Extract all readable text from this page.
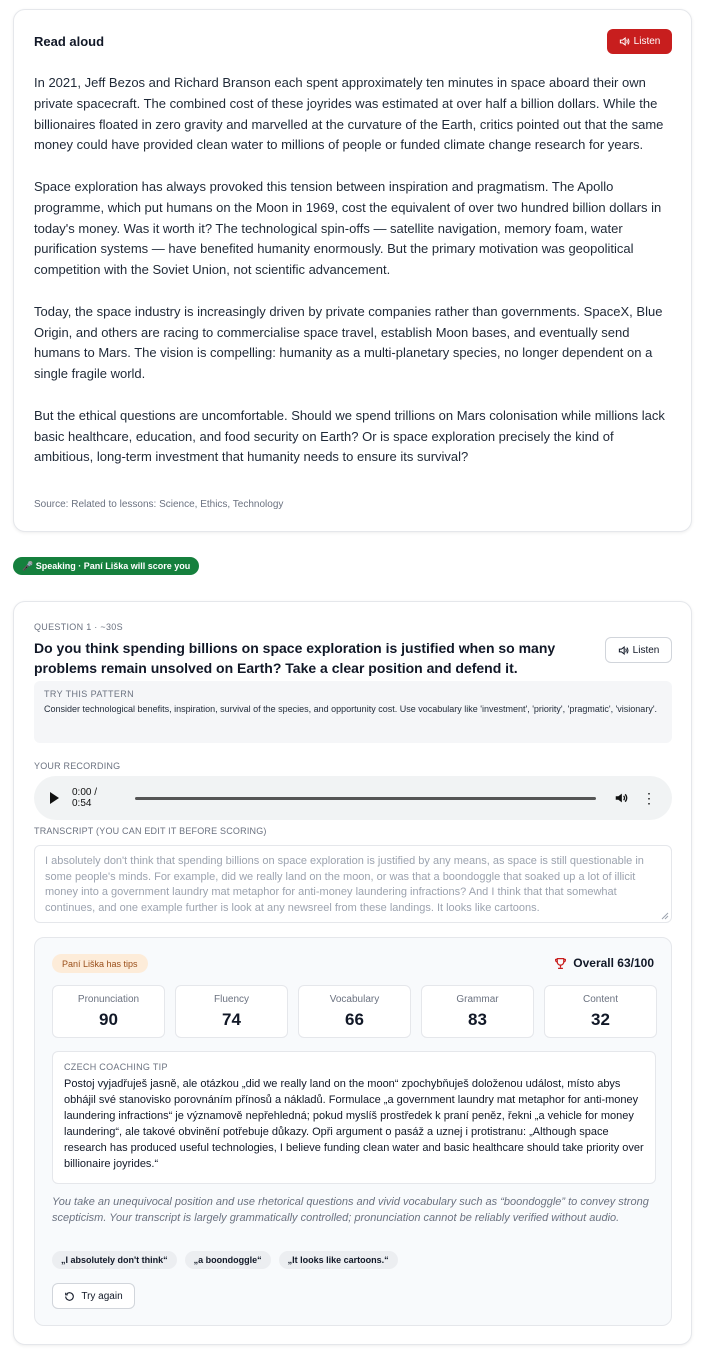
Read aloud	Listen

In 2021, Jeff Bezos and Richard Branson each spent approximately ten minutes in space aboard their own private spacecraft. The combined cost of these joyrides was estimated at over half a billion dollars. While the billionaires floated in zero gravity and marvelled at the curvature of the Earth, critics pointed out that the same money could have provided clean water to millions of people or funded climate change research for years.

Space exploration has always provoked this tension between inspiration and pragmatism. The Apollo programme, which put humans on the Moon in 1969, cost the equivalent of over two hundred billion dollars in today's money. Was it worth it? The technological spin-offs — satellite navigation, memory foam, water purification systems — have benefited humanity enormously. But the primary motivation was geopolitical competition with the Soviet Union, not scientific advancement.

Today, the space industry is increasingly driven by private companies rather than governments. SpaceX, Blue Origin, and others are racing to commercialise space travel, establish Moon bases, and eventually send humans to Mars. The vision is compelling: humanity as a multi-planetary species, no longer dependent on a single fragile world.

But the ethical questions are uncomfortable. Should we spend trillions on Mars colonisation while millions lack basic healthcare, education, and food security on Earth? Or is space exploration precisely the kind of ambitious, long-term investment that humanity needs to ensure its survival?

Source: Related to lessons: Science, Ethics, Technology
🎤 Speaking · Paní Liška will score you
QUESTION 1 · ~30S
Do you think spending billions on space exploration is justified when so many problems remain unsolved on Earth? Take a clear position and defend it.
Listen
TRY THIS PATTERN
Consider technological benefits, inspiration, survival of the species, and opportunity cost. Use vocabulary like 'investment', 'priority', 'pragmatic', 'visionary'.
YOUR RECORDING
0:00 / 0:54	⋮
TRANSCRIPT (YOU CAN EDIT IT BEFORE SCORING)
I absolutely don't think that spending billions on space exploration is justified by any means, as space is still questionable in some people's minds. For example, did we really land on the moon, or was that a boondoggle that soaked up a lot of illicit money into a government laundry mat metaphor for anti-money laundering infractions? And I think that that somewhat continues, and one example further is look at any newsreel from these landings. It looks like cartoons.
Paní Liška has tips	Overall 63/100
Pronunciation
90
Fluency
74
Vocabulary
66
Grammar
83
Content
32
CZECH COACHING TIP
Postoj vyjadřuješ jasně, ale otázkou „did we really land on the moon“ zpochybňuješ doloženou událost, místo abys obhájil své stanovisko porovnáním přínosů a nákladů. Formulace „a government laundry mat metaphor for anti-money laundering infractions“ je významově nepřehledná; pokud myslíš prostředek k praní peněz, řekni „a vehicle for money laundering“, ale takové obvinění potřebuje důkazy. Opři argument o pasáž a uznej i protistranu: „Although space research has produced useful technologies, I believe funding clean water and basic healthcare should take priority over billionaire joyrides.“
You take an unequivocal position and use rhetorical questions and vivid vocabulary such as “boondoggle” to convey strong scepticism. Your transcript is largely grammatically controlled; pronunciation cannot be reliably verified without audio.
„I absolutely don't think“	„a boondoggle“	„It looks like cartoons.“
Try again
